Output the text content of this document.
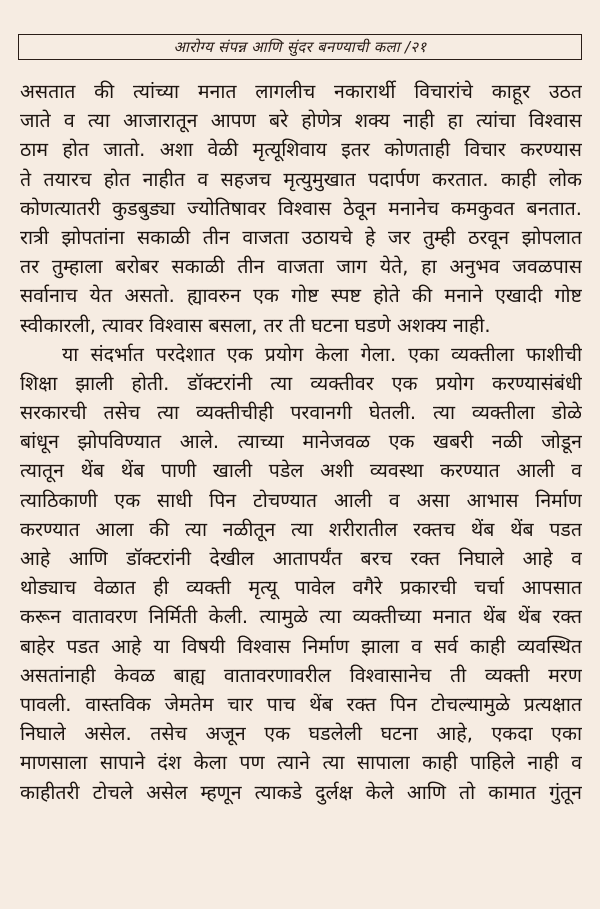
आरोग्य संपन्न आणि सुंदर बनण्याची कला /२१
असतात की त्यांच्या मनात लागलीच नकारार्थी विचारांचे काहूर उठत
जाते व त्या आजारातून आपण बरे होणेत्र शक्य नाही हा त्यांचा विश्वास
ठाम होत जातो. अशा वेळी मृत्यूशिवाय इतर कोणताही विचार करण्यास
ते तयारच होत नाहीत व सहजच मृत्युमुखात पदार्पण करतात. काही लोक
कोणत्यातरी कुडबुड्या ज्योतिषावर विश्वास ठेवून मनानेच कमकुवत बनतात.
रात्री झोपतांना सकाळी तीन वाजता उठायचे हे जर तुम्ही ठरवून झोपलात
तर तुम्हाला बरोबर सकाळी तीन वाजता जाग येते, हा अनुभव जवळपास
सर्वानाच येत असतो. ह्यावरुन एक गोष्ट स्पष्ट होते की मनाने एखादी गोष्ट
स्वीकारली, त्यावर विश्वास बसला, तर ती घटना घडणे अशक्य नाही.
या संदर्भात परदेशात एक प्रयोग केला गेला. एका व्यक्तीला फाशीची
शिक्षा झाली होती. डॉक्टरांनी त्या व्यक्तीवर एक प्रयोग करण्यासंबंधी
सरकारची तसेच त्या व्यक्तीचीही परवानगी घेतली. त्या व्यक्तीला डोळे
बांधून झोपविण्यात आले. त्याच्या मानेजवळ एक खबरी नळी जोडून
त्यातून थेंब थेंब पाणी खाली पडेल अशी व्यवस्था करण्यात आली व
त्याठिकाणी एक साधी पिन टोचण्यात आली व असा आभास निर्माण
करण्यात आला की त्या नळीतून त्या शरीरातील रक्तच थेंब थेंब पडत
आहे आणि डॉक्टरांनी देखील आतापर्यंत बरच रक्त निघाले आहे व
थोड्याच वेळात ही व्यक्ती मृत्यू पावेल वगैरे प्रकारची चर्चा आपसात
करून वातावरण निर्मिती केली. त्यामुळे त्या व्यक्तीच्या मनात थेंब थेंब रक्त
बाहेर पडत आहे या विषयी विश्वास निर्माण झाला व सर्व काही व्यवस्थित
असतांनाही केवळ बाह्य वातावरणावरील विश्वासानेच ती व्यक्ती मरण
पावली. वास्तविक जेमतेम चार पाच थेंब रक्त पिन टोचल्यामुळे प्रत्यक्षात
निघाले असेल. तसेच अजून एक घडलेली घटना आहे, एकदा एका
माणसाला सापाने दंश केला पण त्याने त्या सापाला काही पाहिले नाही व
काहीतरी टोचले असेल म्हणून त्याकडे दुर्लक्ष केले आणि तो कामात गुंतून
